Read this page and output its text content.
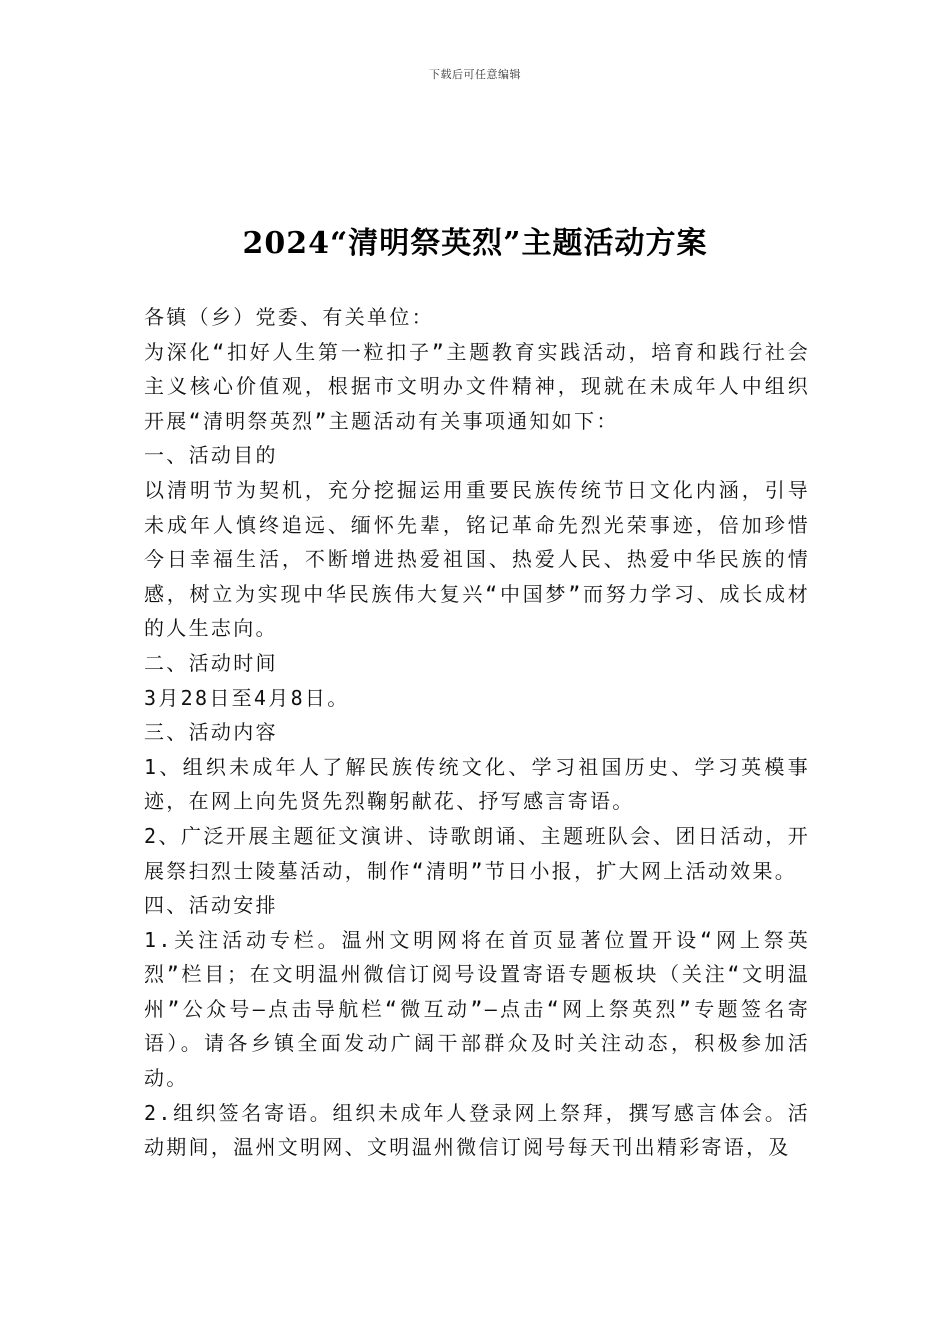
下载后可任意编辑
2024“清明祭英烈”主题活动方案

各镇（乡）党委、有关单位：

为深化“扣好人生第一粒扣子”主题教育实践活动，培育和践行社会主义核心价值观，根据市文明办文件精神，现就在未成年人中组织开展“清明祭英烈”主题活动有关事项通知如下：

一、活动目的

以清明节为契机，充分挖掘运用重要民族传统节日文化内涵，引导未成年人慎终追远、缅怀先辈，铭记革命先烈光荣事迹，倍加珍惜今日幸福生活，不断增进热爱祖国、热爱人民、热爱中华民族的情感，树立为实现中华民族伟大复兴“中国梦”而努力学习、成长成材的人生志向。

二、活动时间

3月28日至4月8日。

三、活动内容

1、组织未成年人了解民族传统文化、学习祖国历史、学习英模事迹，在网上向先贤先烈鞠躬献花、抒写感言寄语。

2、广泛开展主题征文演讲、诗歌朗诵、主题班队会、团日活动，开展祭扫烈士陵墓活动，制作“清明”节日小报，扩大网上活动效果。

四、活动安排

1.关注活动专栏。温州文明网将在首页显著位置开设“网上祭英烈”栏目；在文明温州微信订阅号设置寄语专题板块（关注“文明温州”公众号—点击导航栏“微互动”—点击“网上祭英烈”专题签名寄语）。请各乡镇全面发动广阔干部群众及时关注动态，积极参加活动。

2.组织签名寄语。组织未成年人登录网上祭拜，撰写感言体会。活动期间，温州文明网、文明温州微信订阅号每天刊出精彩寄语，及
